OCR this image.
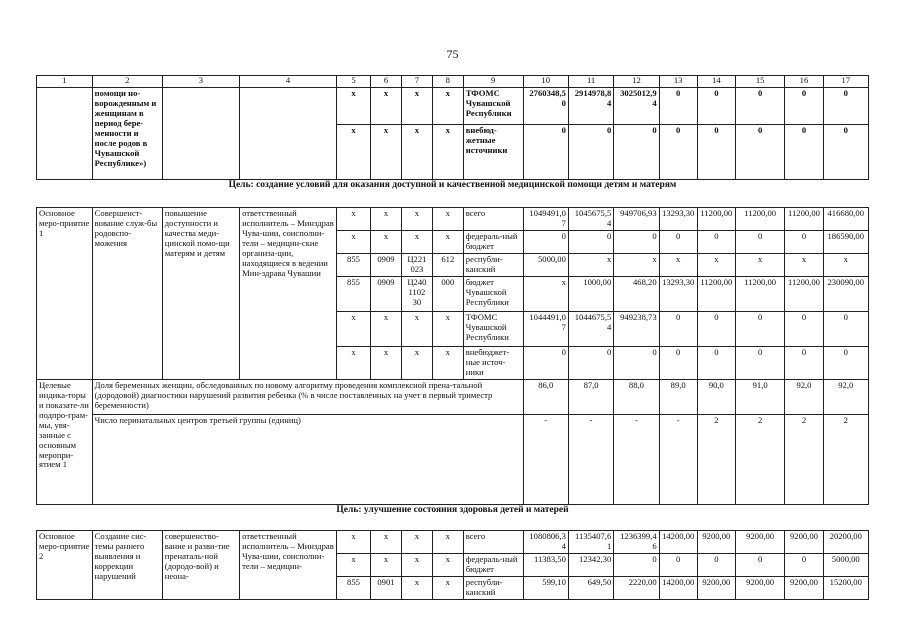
75
1	2	3	4	5	6	7	8	9	10	11	12	13	14	15	16	17
	помощи но-ворожденным и женщинам в период бере-менности и после родов в Чувашской Республике»)			х	х	х	х	ТФОМС Чувашской Республики	2760348,50	2914978,84	3025012,94	0	0	0	0	0
				х	х	х	х	внебюд-жетные источники	0	0	0	0	0	0	0	0
Цель: создание условий для оказания доступной и качественной медицинской помощи детям и матерям																
Основное меро-приятие 1	Совершенст-вование служ-бы родовспо-можения	повышение доступности и качества меди-цинской помо-щи матерям и детям	ответственный исполнитель – Минздрав Чува-шии, соисполни-тели – медицин-ские организа-ции, находящиеся в ведении Мин-здрава Чувашии	х	х	х	х	всего	1049491,07	1045675,54	949706,93	13293,30	11200,00	11200,00	11200,00	416680,00
				х	х	х	х	федераль-ный бюджет	0	0	0	0	0	0	0	186590,00
				855	0909	Ц221 023	612	республи-канский	5000,00	х	х	х	х	х	х	х
				855	0909	Ц240 1102 30	000	бюджет Чувашской Республики	х	1000,00	468,20	13293,30	11200,00	11200,00	11200,00	230090,00
				х	х	х	х	ТФОМС Чувашской Республики	1044491,07	1044675,54	949238,73	0	0	0	0	0
				х	х	х	х	внебюджет-ные источ-ники	0	0	0	0	0	0	0	0
Целевые индика-торы и показате-ли подпро-грам-мы, увя-занные с основным меропри-ятием 1	Доля беременных женщин, обследованных по новому алгоритму проведения комплексной прена-тальной (дородовой) диагностики нарушений развития ребенка (% в числе поставленных на учет в первый триместр беременности)								86,0	87,0	88,0	89,0	90,0	91,0	92,0	92,0
	Число перинатальных центров третьей группы (единиц)								-	-	-	-	2	2	2	2
Цель: улучшение состояния здоровья детей и матерей																
Основное меро-приятие 2	Создание сис-темы раннего выявления и коррекции нарушений	совершенство-вание и разви-тие пренаталь-ной (дородо-вой) и неона-	ответственный исполнитель – Минздрав Чува-шии, соисполни-тели – медицин-	х	х	х	х	всего	1080806,34	1135407,61	1236399,46	14200,00	9200,00	9200,00	9200,00	20200,00
				х	х	х	х	федераль-ный бюджет	11383,50	12342,30	0	0	0	0	0	5000,00
				855	0901	х	х	республи-канский	599,10	649,50	2220,00	14200,00	9200,00	9200,00	9200,00	15200,00
